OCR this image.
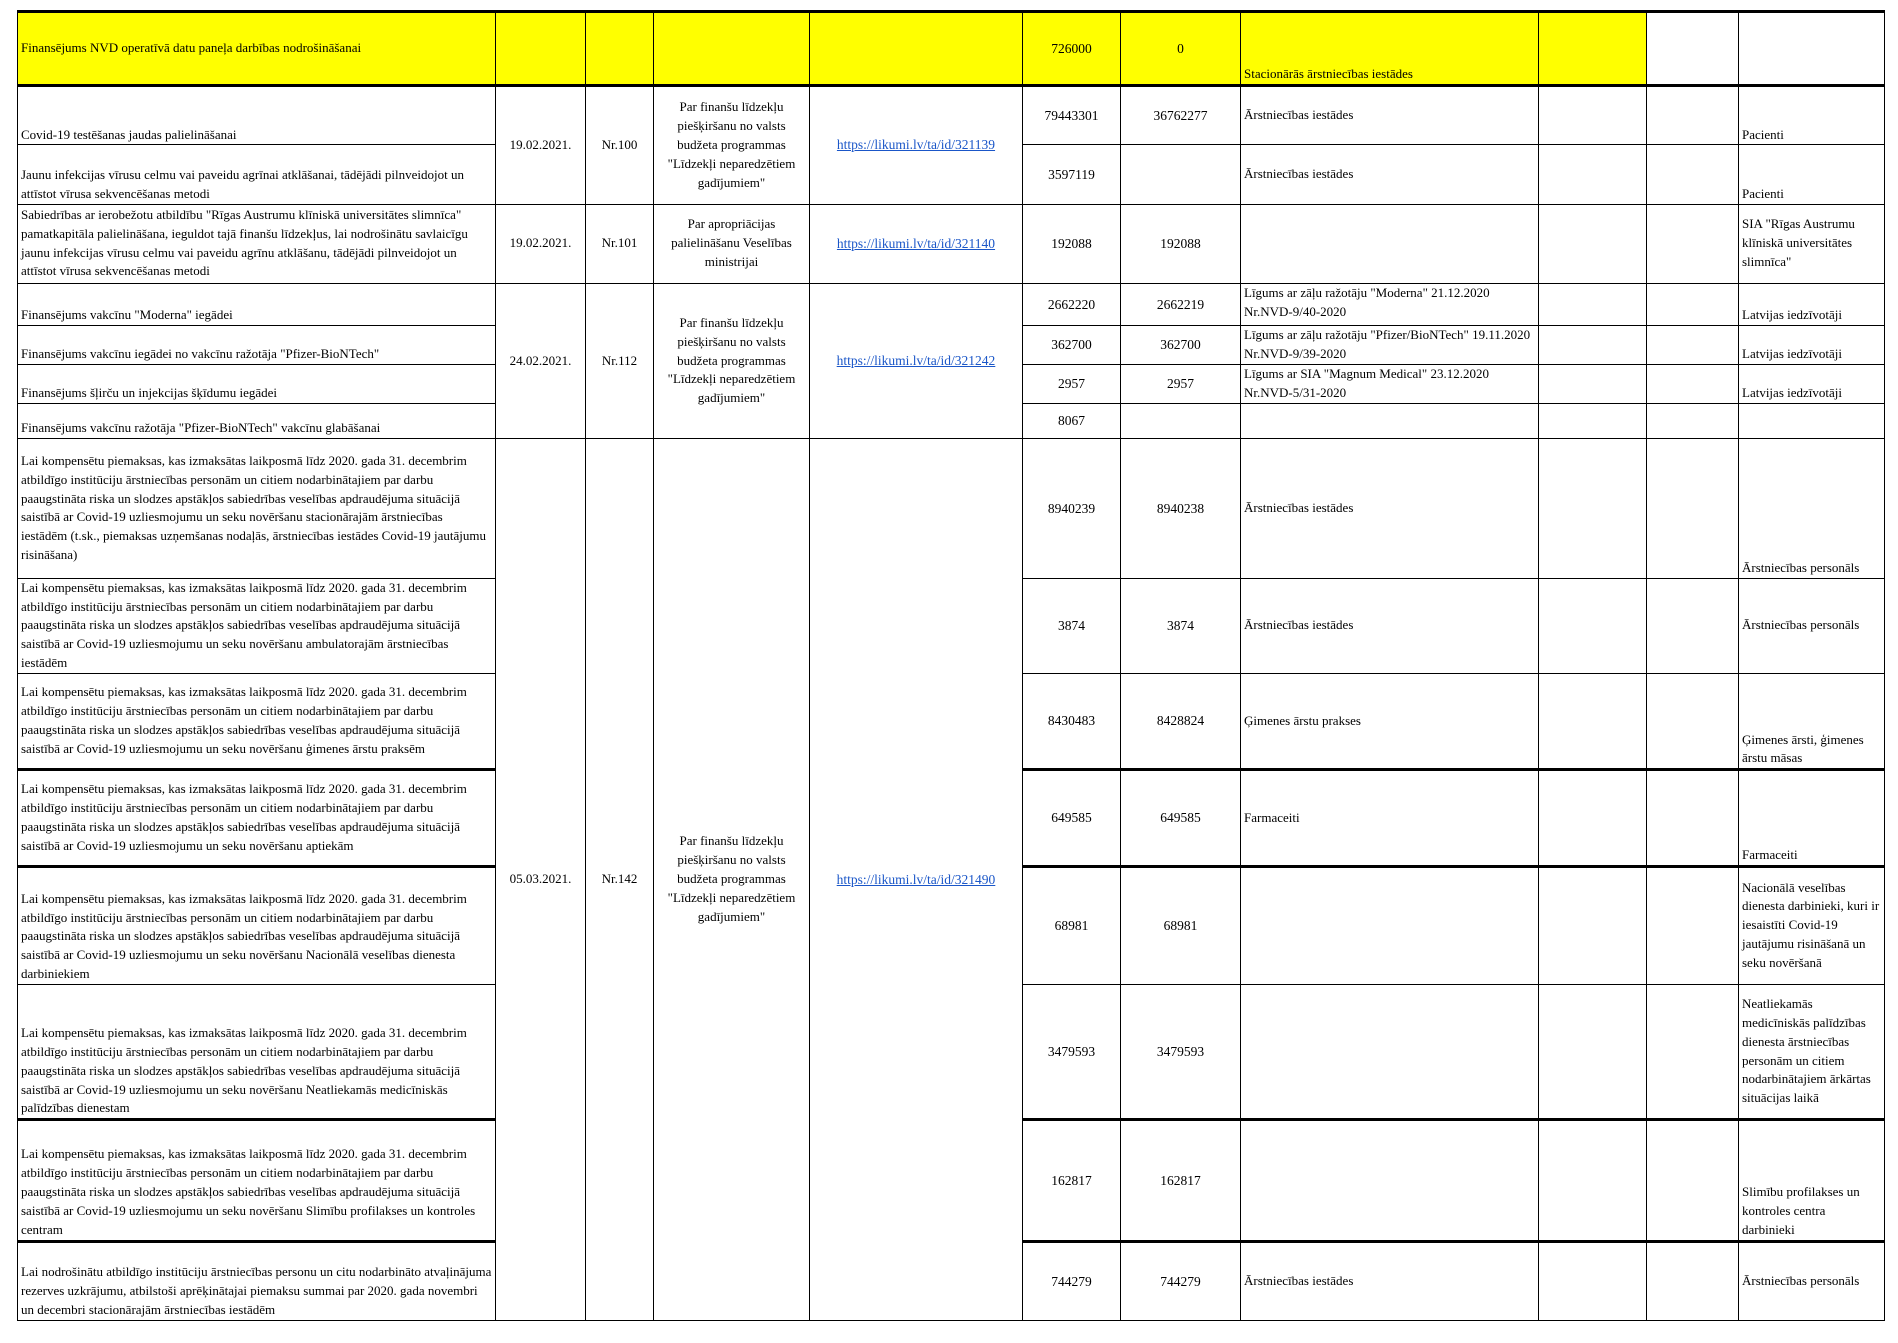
Finansējums NVD operatīvā datu paneļa darbības nodrošināšanai					726000	0	Stacionārās ārstniecības iestādes			
Covid-19 testēšanas jaudas palielināšanai	19.02.2021.	Nr.100	Par finanšu līdzekļu piešķiršanu no valsts budžeta programmas "Līdzekļi neparedzētiem gadījumiem"	https://likumi.lv/ta/id/321139	79443301	36762277	Ārstniecības iestādes			Pacienti
Jaunu infekcijas vīrusu celmu vai paveidu agrīnai atklāšanai, tādējādi pilnveidojot un attīstot vīrusa sekvencēšanas metodi					3597119		Ārstniecības iestādes			Pacienti
Sabiedrības ar ierobežotu atbildību "Rīgas Austrumu klīniskā universitātes slimnīca" pamatkapitāla palielināšana, ieguldot tajā finanšu līdzekļus, lai nodrošinātu savlaicīgu jaunu infekcijas vīrusu celmu vai paveidu agrīnu atklāšanu, tādējādi pilnveidojot un attīstot vīrusa sekvencēšanas metodi	19.02.2021.	Nr.101	Par apropriācijas palielināšanu Veselības ministrijai	https://likumi.lv/ta/id/321140	192088	192088				SIA "Rīgas Austrumu klīniskā universitātes slimnīca"
Finansējums vakcīnu "Moderna" iegādei	24.02.2021.	Nr.112	Par finanšu līdzekļu piešķiršanu no valsts budžeta programmas "Līdzekļi neparedzētiem gadījumiem"	https://likumi.lv/ta/id/321242	2662220	2662219	Līgums ar zāļu ražotāju "Moderna" 21.12.2020 Nr.NVD-9/40-2020			Latvijas iedzīvotāji
Finansējums vakcīnu iegādei no vakcīnu ražotāja "Pfizer-BioNTech"					362700	362700	Līgums ar zāļu ražotāju "Pfizer/BioNTech" 19.11.2020 Nr.NVD-9/39-2020			Latvijas iedzīvotāji
Finansējums šļirču un injekcijas šķīdumu iegādei					2957	2957	Līgums ar SIA "Magnum Medical" 23.12.2020 Nr.NVD-5/31-2020			Latvijas iedzīvotāji
Finansējums vakcīnu ražotāja "Pfizer-BioNTech" vakcīnu glabāšanai					8067					
Lai kompensētu piemaksas, kas izmaksātas laikposmā līdz 2020. gada 31. decembrim atbildīgo institūciju ārstniecības personām un citiem nodarbinātajiem par darbu paaugstināta riska un slodzes apstākļos sabiedrības veselības apdraudējuma situācijā saistībā ar Covid-19 uzliesmojumu un seku novēršanu stacionārajām ārstniecības iestādēm (t.sk., piemaksas uzņemšanas nodaļās, ārstniecības iestādes Covid-19 jautājumu risināšana)	05.03.2021.	Nr.142	Par finanšu līdzekļu piešķiršanu no valsts budžeta programmas "Līdzekļi neparedzētiem gadījumiem"	https://likumi.lv/ta/id/321490	8940239	8940238	Ārstniecības iestādes			Ārstniecības personāls
Lai kompensētu piemaksas, kas izmaksātas laikposmā līdz 2020. gada 31. decembrim atbildīgo institūciju ārstniecības personām un citiem nodarbinātajiem par darbu paaugstināta riska un slodzes apstākļos sabiedrības veselības apdraudējuma situācijā saistībā ar Covid-19 uzliesmojumu un seku novēršanu ambulatorajām ārstniecības iestādēm					3874	3874	Ārstniecības iestādes			Ārstniecības personāls
Lai kompensētu piemaksas, kas izmaksātas laikposmā līdz 2020. gada 31. decembrim atbildīgo institūciju ārstniecības personām un citiem nodarbinātajiem par darbu paaugstināta riska un slodzes apstākļos sabiedrības veselības apdraudējuma situācijā saistībā ar Covid-19 uzliesmojumu un seku novēršanu ģimenes ārstu praksēm					8430483	8428824	Ģimenes ārstu prakses			Ģimenes ārsti, ģimenes ārstu māsas
Lai kompensētu piemaksas, kas izmaksātas laikposmā līdz 2020. gada 31. decembrim atbildīgo institūciju ārstniecības personām un citiem nodarbinātajiem par darbu paaugstināta riska un slodzes apstākļos sabiedrības veselības apdraudējuma situācijā saistībā ar Covid-19 uzliesmojumu un seku novēršanu aptiekām					649585	649585	Farmaceiti			Farmaceiti
Lai kompensētu piemaksas, kas izmaksātas laikposmā līdz 2020. gada 31. decembrim atbildīgo institūciju ārstniecības personām un citiem nodarbinātajiem par darbu paaugstināta riska un slodzes apstākļos sabiedrības veselības apdraudējuma situācijā saistībā ar Covid-19 uzliesmojumu un seku novēršanu Nacionālā veselības dienesta darbiniekiem					68981	68981				Nacionālā veselības dienesta darbinieki, kuri ir iesaistīti Covid-19 jautājumu risināšanā un seku novēršanā
Lai kompensētu piemaksas, kas izmaksātas laikposmā līdz 2020. gada 31. decembrim atbildīgo institūciju ārstniecības personām un citiem nodarbinātajiem par darbu paaugstināta riska un slodzes apstākļos sabiedrības veselības apdraudējuma situācijā saistībā ar Covid-19 uzliesmojumu un seku novēršanu Neatliekamās medicīniskās palīdzības dienestam					3479593	3479593				Neatliekamās medicīniskās palīdzības dienesta ārstniecības personām un citiem nodarbinātajiem ārkārtas situācijas laikā
Lai kompensētu piemaksas, kas izmaksātas laikposmā līdz 2020. gada 31. decembrim atbildīgo institūciju ārstniecības personām un citiem nodarbinātajiem par darbu paaugstināta riska un slodzes apstākļos sabiedrības veselības apdraudējuma situācijā saistībā ar Covid-19 uzliesmojumu un seku novēršanu Slimību profilakses un kontroles centram					162817	162817				Slimību profilakses un kontroles centra darbinieki
Lai nodrošinātu atbildīgo institūciju ārstniecības personu un citu nodarbināto atvaļinājuma rezerves uzkrājumu, atbilstoši aprēķinātajai piemaksu summai par 2020. gada novembri un decembri stacionārajām ārstniecības iestādēm					744279	744279	Ārstniecības iestādes			Ārstniecības personāls
